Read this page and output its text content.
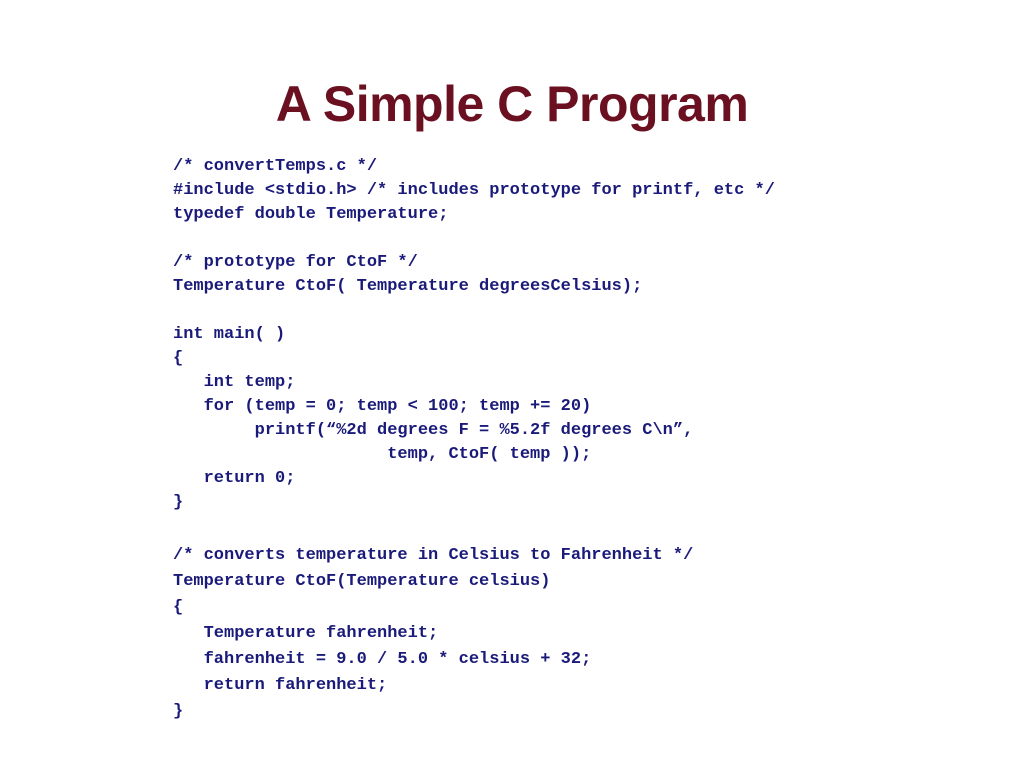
A Simple C Program
/* convertTemps.c */
#include <stdio.h> /* includes prototype for printf, etc */
typedef double Temperature;
/* prototype for CtoF */
Temperature CtoF( Temperature degreesCelsius);
int main( )
{
int temp;
for (temp = 0; temp < 100; temp += 20)
printf(“%2d degrees F = %5.2f degrees C\n”,
temp, CtoF( temp ));
return 0;
}
/* converts temperature in Celsius to Fahrenheit */
Temperature CtoF(Temperature celsius)
{
Temperature fahrenheit;
fahrenheit = 9.0 / 5.0 * celsius + 32;
return fahrenheit;
}
